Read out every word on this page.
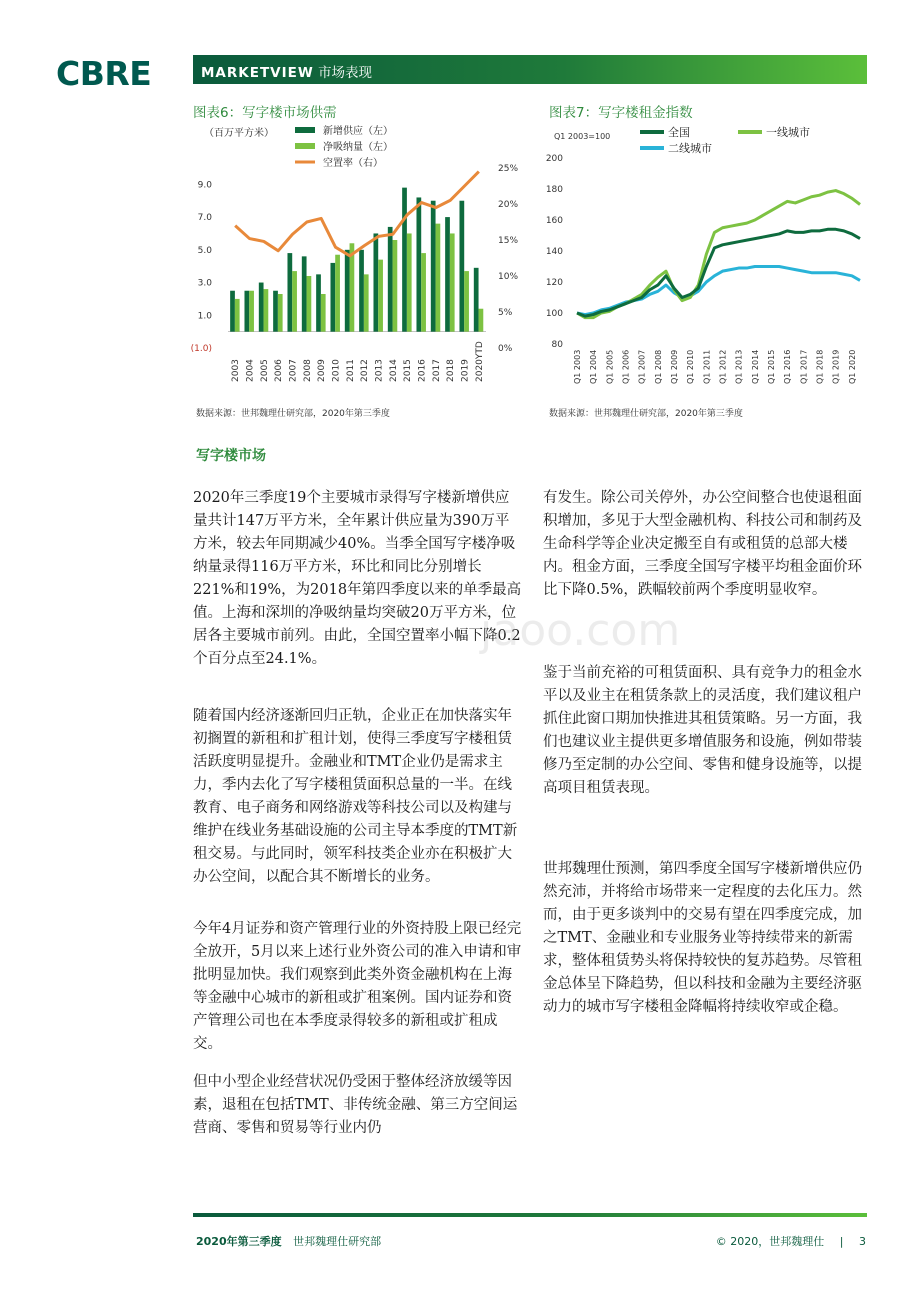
CBRE	MARKETVIEW 市场表现
图表6：写字楼市场供需
（百万平方米）	新增供应（左）
净吸纳量（左）
空置率（右）
(1.0)
1.0
3.0
5.0
7.0
9.0
0%
5%
10%
15%
20%
25%
2003 2004 2005 2006 2007 2008 2009 2010 2011 2012 2013 2014 2015 2016 2017 2018 2019 2020YTD
数据来源：世邦魏理仕研究部，2020年第三季度
图表7：写字楼租金指数
Q1 2003=100	全国	一线城市
二线城市
80
100
120
140
160
180
200
Q1 2003 Q1 2004 Q1 2005 Q1 2006 Q1 2007 Q1 2008 Q1 2009 Q1 2010 Q1 2011 Q1 2012 Q1 2013 Q1 2014 Q1 2015 Q1 2016 Q1 2017 Q1 2018 Q1 2019 Q1 2020
数据来源：世邦魏理仕研究部，2020年第三季度
写字楼市场

2020年三季度19个主要城市录得写字楼新增供应量共计147万平方米，全年累计供应量为390万平方米，较去年同期减少40%。当季全国写字楼净吸纳量录得116万平方米，环比和同比分别增长221%和19%，为2018年第四季度以来的单季最高值。上海和深圳的净吸纳量均突破20万平方米，位居各主要城市前列。由此，全国空置率小幅下降0.2个百分点至24.1%。

随着国内经济逐渐回归正轨，企业正在加快落实年初搁置的新租和扩租计划，使得三季度写字楼租赁活跃度明显提升。金融业和TMT企业仍是需求主力，季内去化了写字楼租赁面积总量的一半。在线教育、电子商务和网络游戏等科技公司以及构建与维护在线业务基础设施的公司主导本季度的TMT新租交易。与此同时，领军科技类企业亦在积极扩大办公空间，以配合其不断增长的业务。

今年4月证券和资产管理行业的外资持股上限已经完全放开，5月以来上述行业外资公司的准入申请和审批明显加快。我们观察到此类外资金融机构在上海等金融中心城市的新租或扩租案例。国内证券和资产管理公司也在本季度录得较多的新租或扩租成交。

但中小型企业经营状况仍受困于整体经济放缓等因素，退租在包括TMT、非传统金融、第三方空间运营商、零售和贸易等行业内仍

有发生。除公司关停外，办公空间整合也使退租面积增加，多见于大型金融机构、科技公司和制药及生命科学等企业决定搬至自有或租赁的总部大楼内。租金方面，三季度全国写字楼平均租金面价环比下降0.5%，跌幅较前两个季度明显收窄。

鉴于当前充裕的可租赁面积、具有竞争力的租金水平以及业主在租赁条款上的灵活度，我们建议租户抓住此窗口期加快推进其租赁策略。另一方面，我们也建议业主提供更多增值服务和设施，例如带装修乃至定制的办公空间、零售和健身设施等，以提高项目租赁表现。

世邦魏理仕预测，第四季度全国写字楼新增供应仍然充沛，并将给市场带来一定程度的去化压力。然而，由于更多谈判中的交易有望在四季度完成，加之TMT、金融业和专业服务业等持续带来的新需求，整体租赁势头将保持较快的复苏趋势。尽管租金总体呈下降趋势，但以科技和金融为主要经济驱动力的城市写字楼租金降幅将持续收窄或企稳。

jaoo.com
2020年第三季度 世邦魏理仕研究部	© 2020，世邦魏理仕 | 3
